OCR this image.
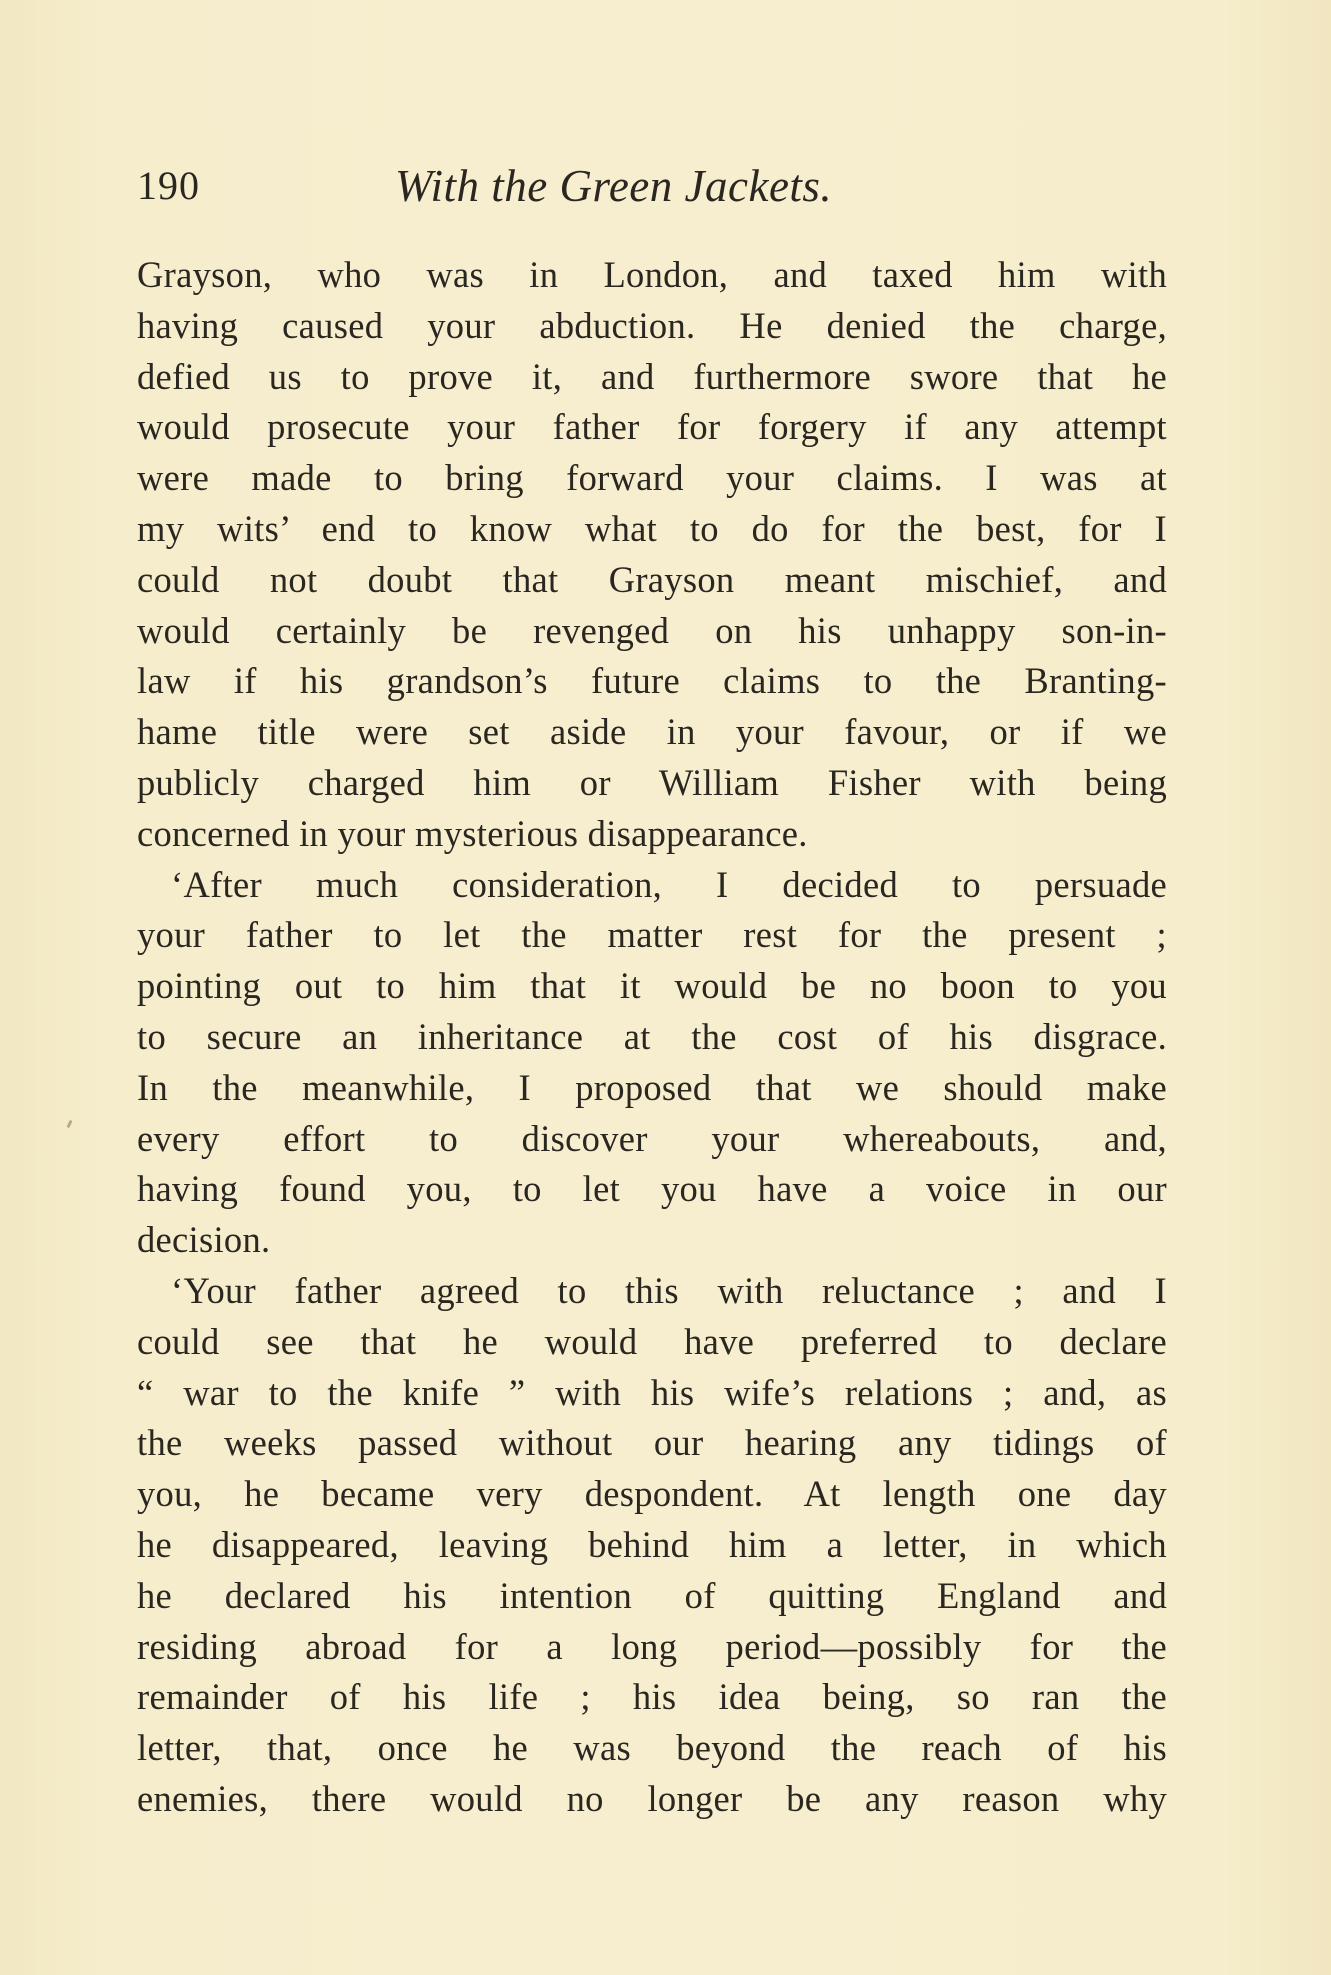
190	With the Green Jackets.
Grayson, who was in London, and taxed him with
having caused your abduction. He denied the charge,
defied us to prove it, and furthermore swore that he
would prosecute your father for forgery if any attempt
were made to bring forward your claims. I was at
my wits’ end to know what to do for the best, for I
could not doubt that Grayson meant mischief, and
would certainly be revenged on his unhappy son-in-
law if his grandson’s future claims to the Branting-
hame title were set aside in your favour, or if we
publicly charged him or William Fisher with being
concerned in your mysterious disappearance.
‘After much consideration, I decided to persuade
your father to let the matter rest for the present ;
pointing out to him that it would be no boon to you
to secure an inheritance at the cost of his disgrace.
In the meanwhile, I proposed that we should make
every effort to discover your whereabouts, and,
having found you, to let you have a voice in our
decision.
‘Your father agreed to this with reluctance ; and I
could see that he would have preferred to declare
“ war to the knife ” with his wife’s relations ; and, as
the weeks passed without our hearing any tidings of
you, he became very despondent. At length one day
he disappeared, leaving behind him a letter, in which
he declared his intention of quitting England and
residing abroad for a long period—possibly for the
remainder of his life ; his idea being, so ran the
letter, that, once he was beyond the reach of his
enemies, there would no longer be any reason why
